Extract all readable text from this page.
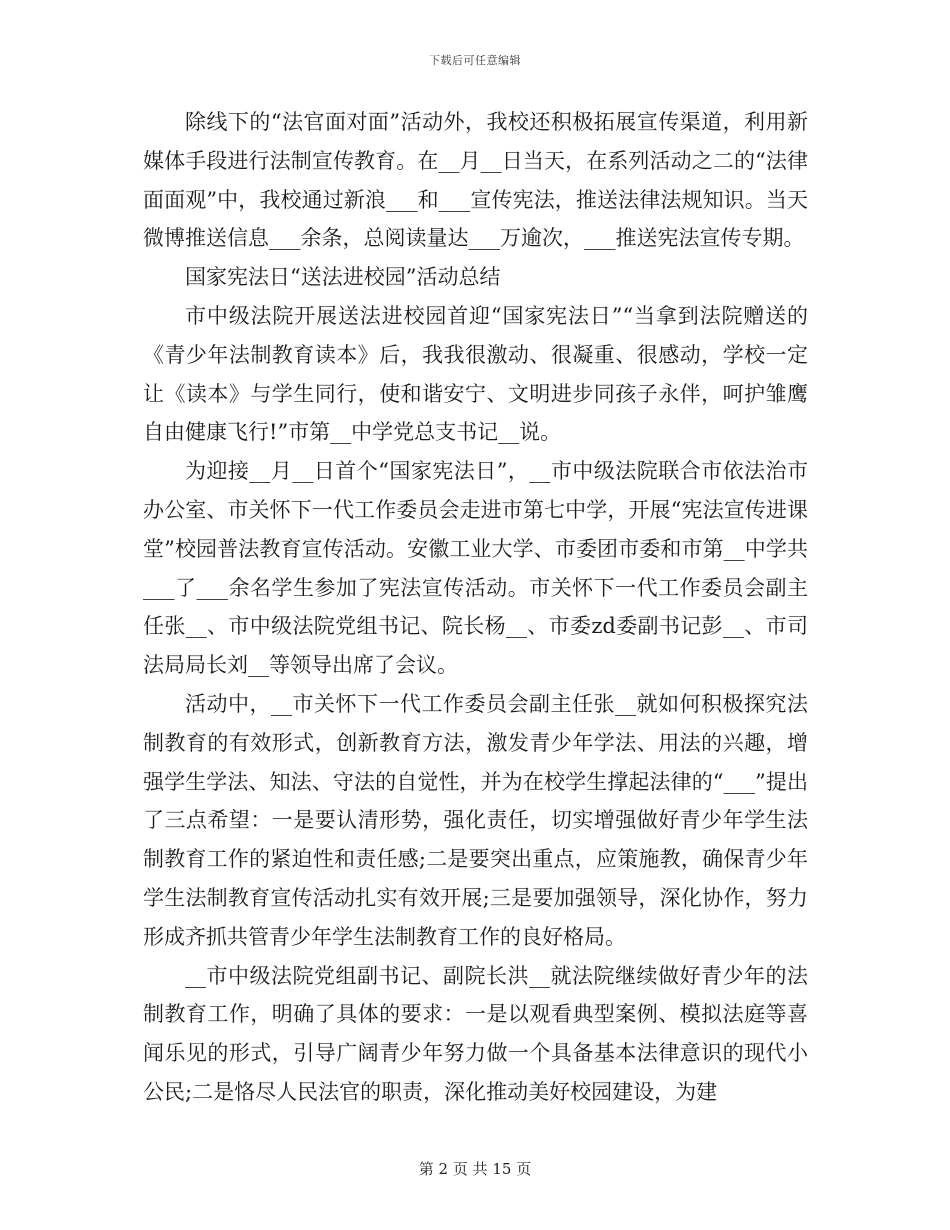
下载后可任意编辑

除线下的“法官面对面”活动外，我校还积极拓展宣传渠道，利用新媒体手段进行法制宣传教育。在__月__日当天，在系列活动之二的“法律面面观”中，我校通过新浪___和___宣传宪法，推送法律法规知识。当天微博推送信息___余条，总阅读量达___万逾次，___推送宪法宣传专期。

国家宪法日“送法进校园”活动总结

市中级法院开展送法进校园首迎“国家宪法日”“当拿到法院赠送的《青少年法制教育读本》后，我我很激动、很凝重、很感动，学校一定让《读本》与学生同行，使和谐安宁、文明进步同孩子永伴，呵护雏鹰自由健康飞行!”市第__中学党总支书记__说。

为迎接__月__日首个“国家宪法日”，__市中级法院联合市依法治市办公室、市关怀下一代工作委员会走进市第七中学，开展“宪法宣传进课堂”校园普法教育宣传活动。安徽工业大学、市委团市委和市第__中学共___了___余名学生参加了宪法宣传活动。市关怀下一代工作委员会副主任张__、市中级法院党组书记、院长杨__、市委zd委副书记彭__、市司法局局长刘__等领导出席了会议。

活动中，__市关怀下一代工作委员会副主任张__就如何积极探究法制教育的有效形式，创新教育方法，激发青少年学法、用法的兴趣，增强学生学法、知法、守法的自觉性，并为在校学生撑起法律的“___”提出了三点希望：一是要认清形势，强化责任，切实增强做好青少年学生法制教育工作的紧迫性和责任感;二是要突出重点，应策施教，确保青少年学生法制教育宣传活动扎实有效开展;三是要加强领导，深化协作，努力形成齐抓共管青少年学生法制教育工作的良好格局。

__市中级法院党组副书记、副院长洪__就法院继续做好青少年的法制教育工作，明确了具体的要求：一是以观看典型案例、模拟法庭等喜闻乐见的形式，引导广阔青少年努力做一个具备基本法律意识的现代小公民;二是恪尽人民法官的职责，深化推动美好校园建设，为建

第 2 页 共 15 页
